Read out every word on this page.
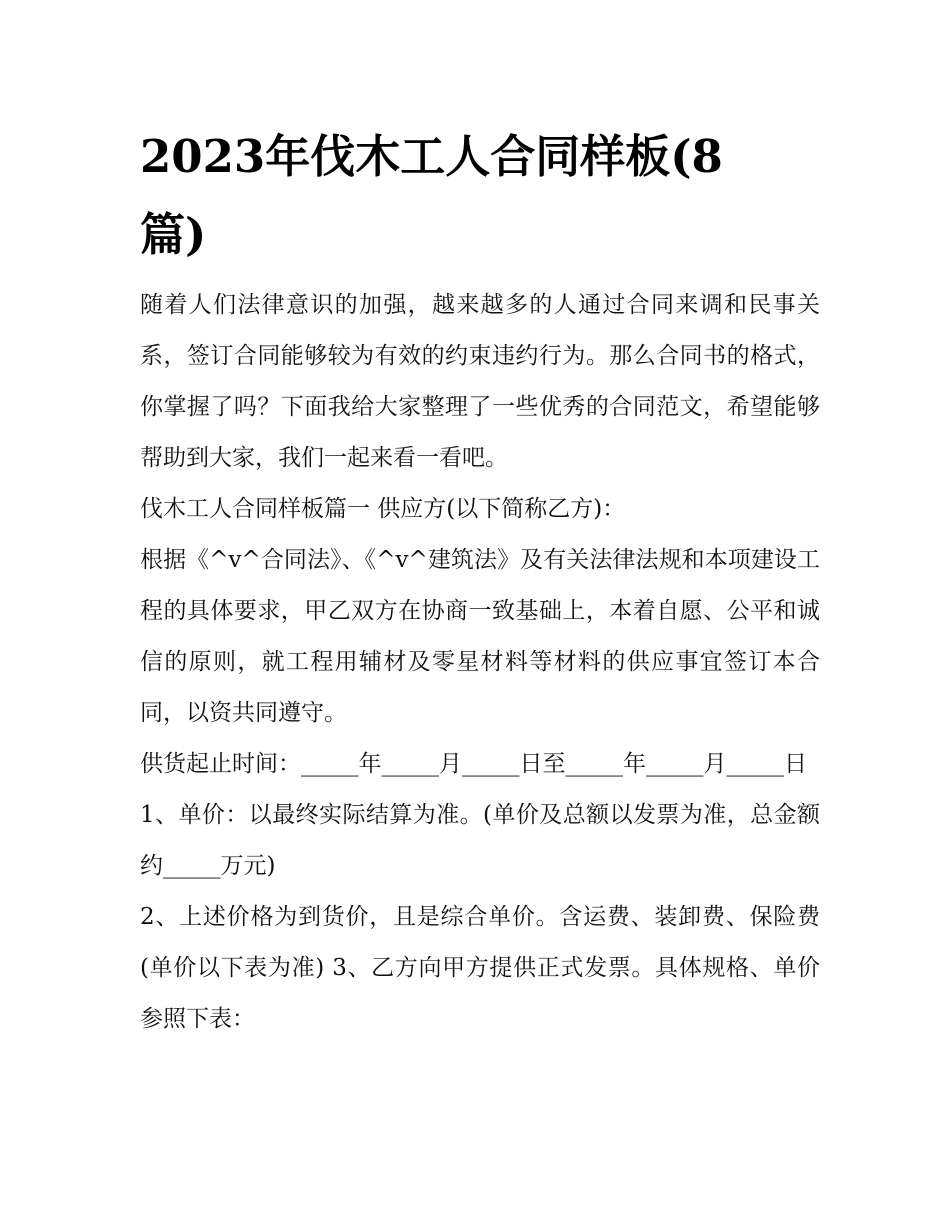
2023年伐木工人合同样板(8篇)

随着人们法律意识的加强，越来越多的人通过合同来调和民事关系，签订合同能够较为有效的约束违约行为。那么合同书的格式，你掌握了吗？下面我给大家整理了一些优秀的合同范文，希望能够帮助到大家，我们一起来看一看吧。

伐木工人合同样板篇一 供应方(以下简称乙方)：

根据《^v^合同法》、《^v^建筑法》及有关法律法规和本项建设工程的具体要求，甲乙双方在协商一致基础上，本着自愿、公平和诚信的原则，就工程用辅材及零星材料等材料的供应事宜签订本合同，以资共同遵守。

供货起止时间：_____年_____月_____日至_____年_____月_____日

1、单价：以最终实际结算为准。(单价及总额以发票为准，总金额约_____万元)

2、上述价格为到货价，且是综合单价。含运费、装卸费、保险费(单价以下表为准) 3、乙方向甲方提供正式发票。具体规格、单价参照下表：
